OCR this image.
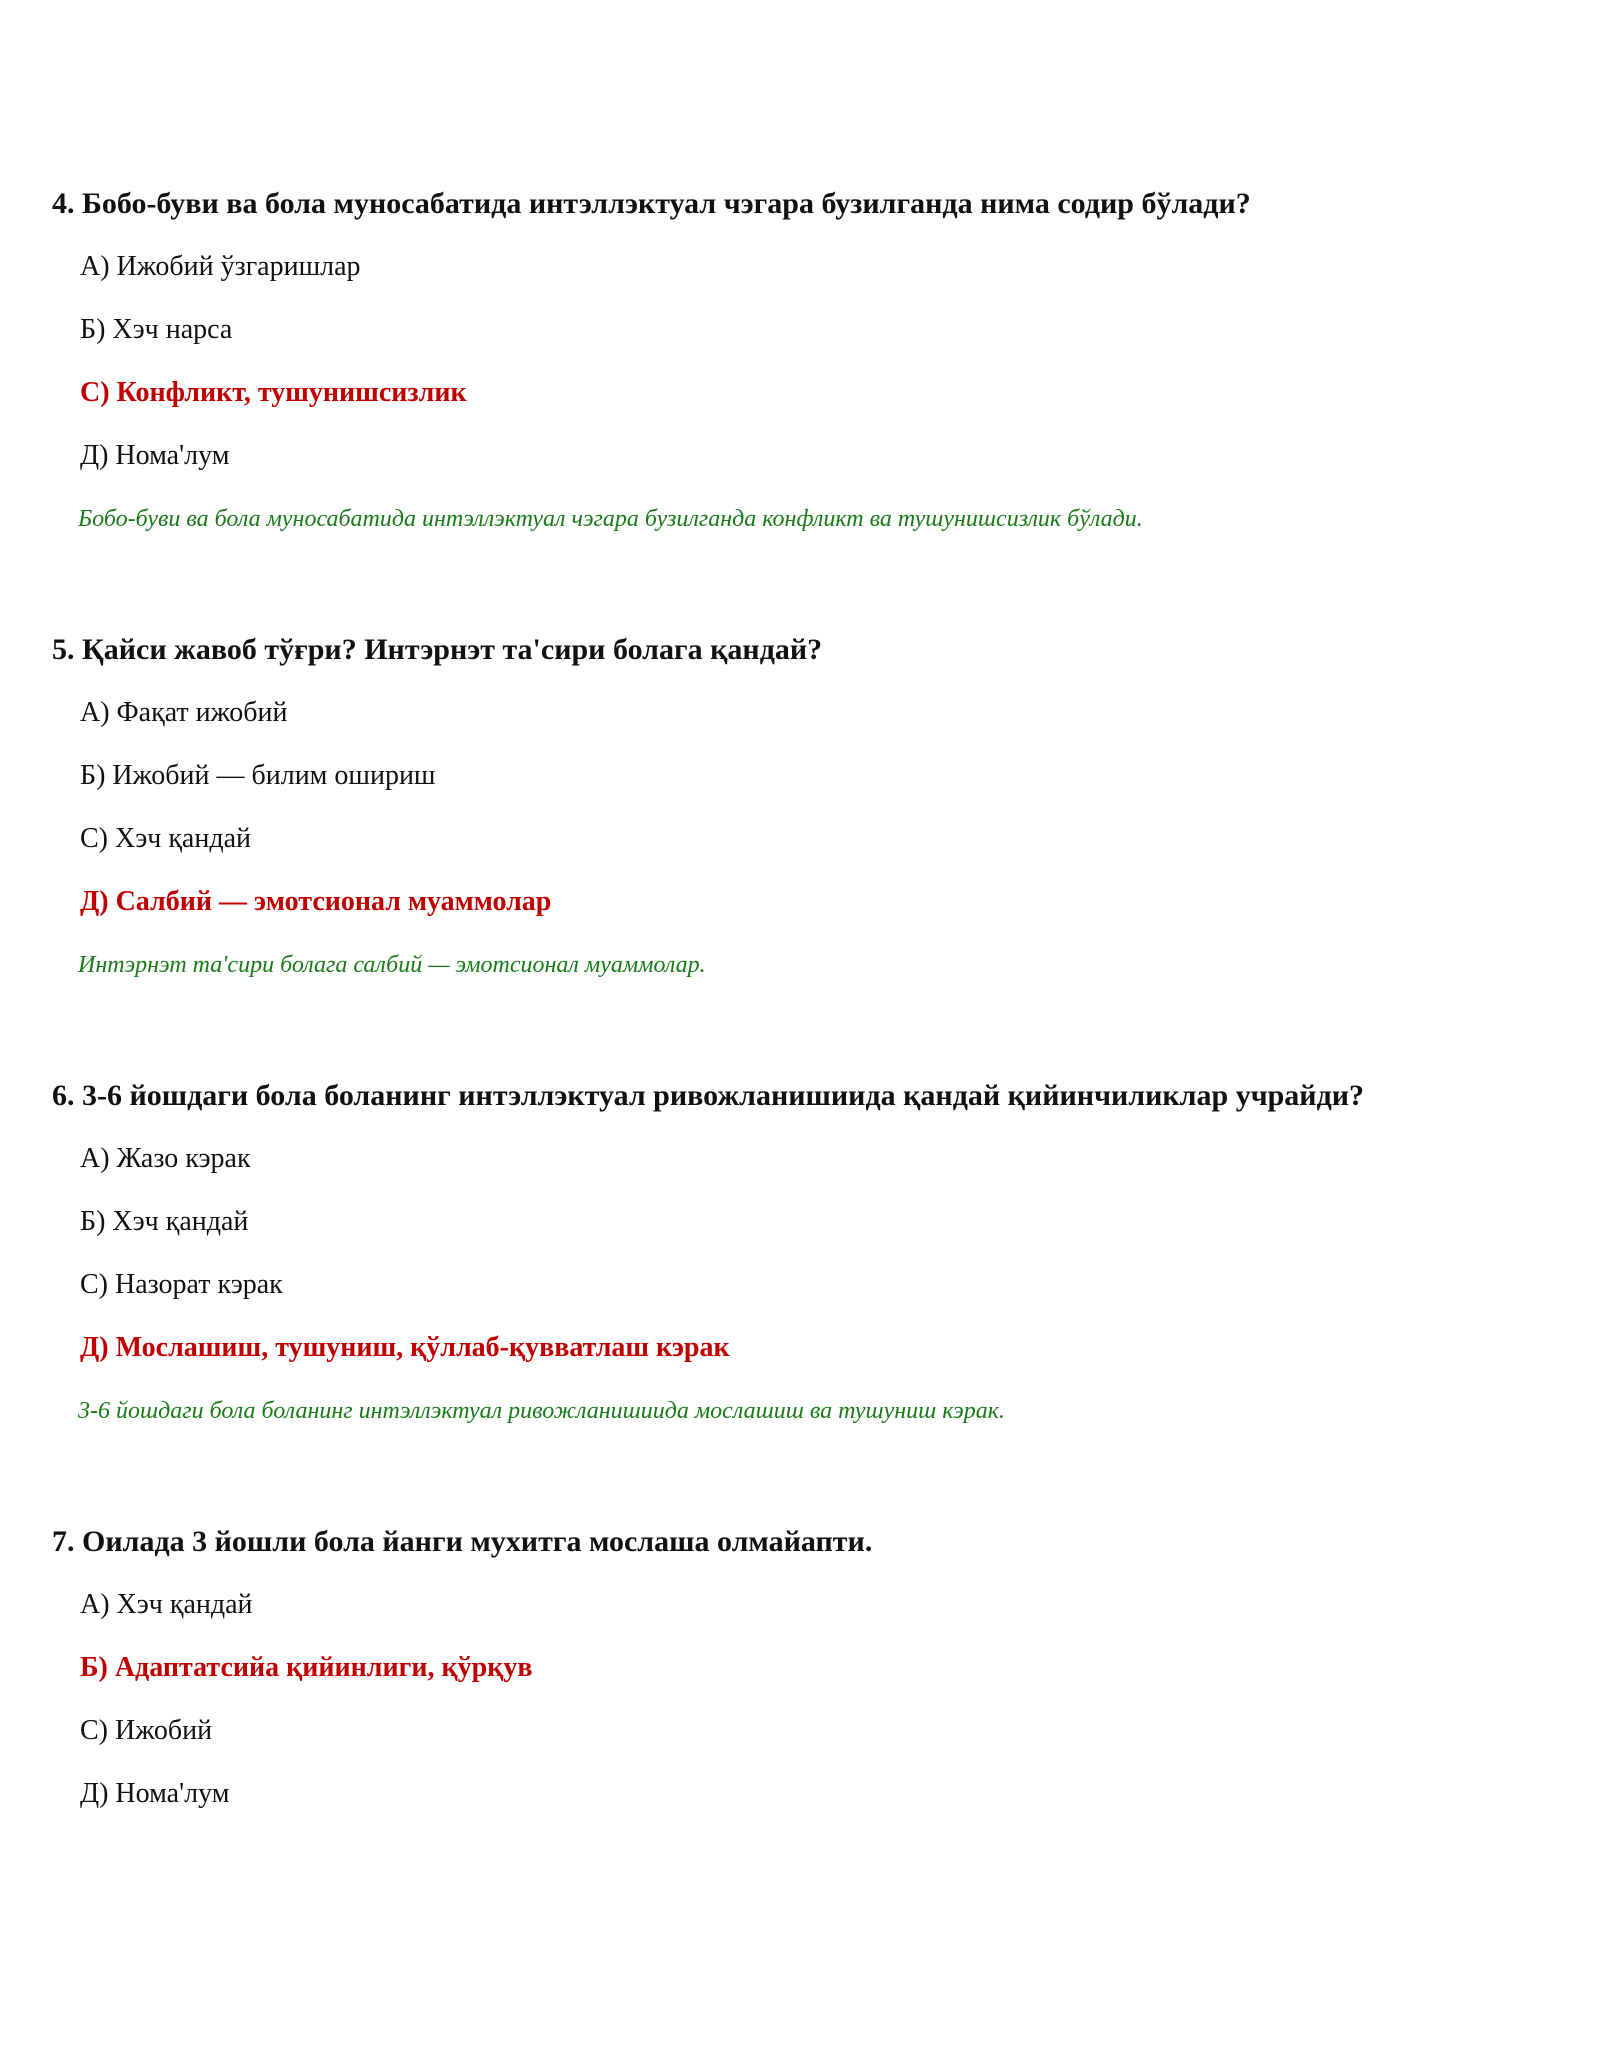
4. Бобо-буви ва бола муносабатида интэллэктуал чэгара бузилганда нима содир бўлади?

А) Ижобий ўзгаришлар
Б) Хэч нарса
С) Конфликт, тушунишсизлик
Д) Нома'лум
Бобо-буви ва бола муносабатида интэллэктуал чэгара бузилганда конфликт ва тушунишсизлик бўлади.

5. Қайси жавоб тўғри? Интэрнэт та'сири болага қандай?

А) Фақат ижобий
Б) Ижобий — билим ошириш
С) Хэч қандай
Д) Салбий — эмотсионал муаммолар
Интэрнэт та'сири болага салбий — эмотсионал муаммолар.

6. 3-6 йошдаги бола боланинг интэллэктуал ривожланишиида қандай қийинчиликлар учрайди?

А) Жазо кэрак
Б) Хэч қандай
С) Назорат кэрак
Д) Мослашиш, тушуниш, қўллаб-қувватлаш кэрак
3-6 йошдаги бола боланинг интэллэктуал ривожланишиида мослашиш ва тушуниш кэрак.

7. Оилада 3 йошли бола йанги мухитга мослаша олмайапти.

А) Хэч қандай
Б) Адаптатсийа қийинлиги, қўрқув
С) Ижобий
Д) Нома'лум
